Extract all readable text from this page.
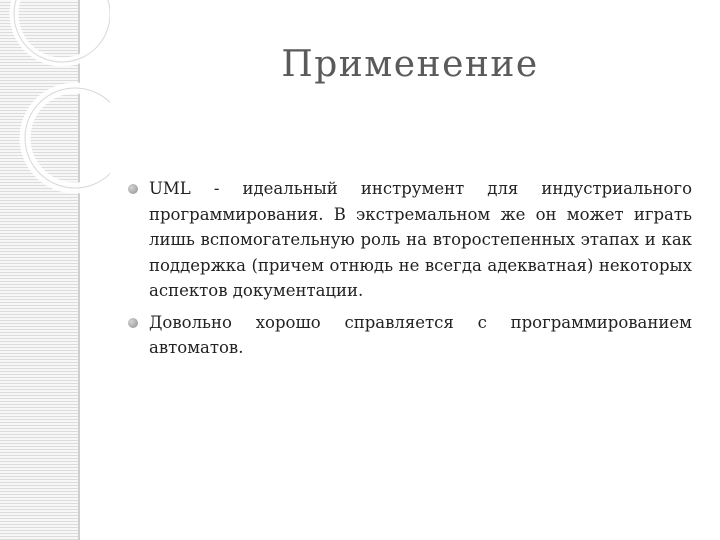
Применение
UML - идеальный инструмент для индустриального программирования. В экстремальном же он может играть лишь вспомогательную роль на второстепенных этапах и как поддержка (причем отнюдь не всегда адекватная) некоторых аспектов документации.
Довольно хорошо справляется с программированием автоматов.
